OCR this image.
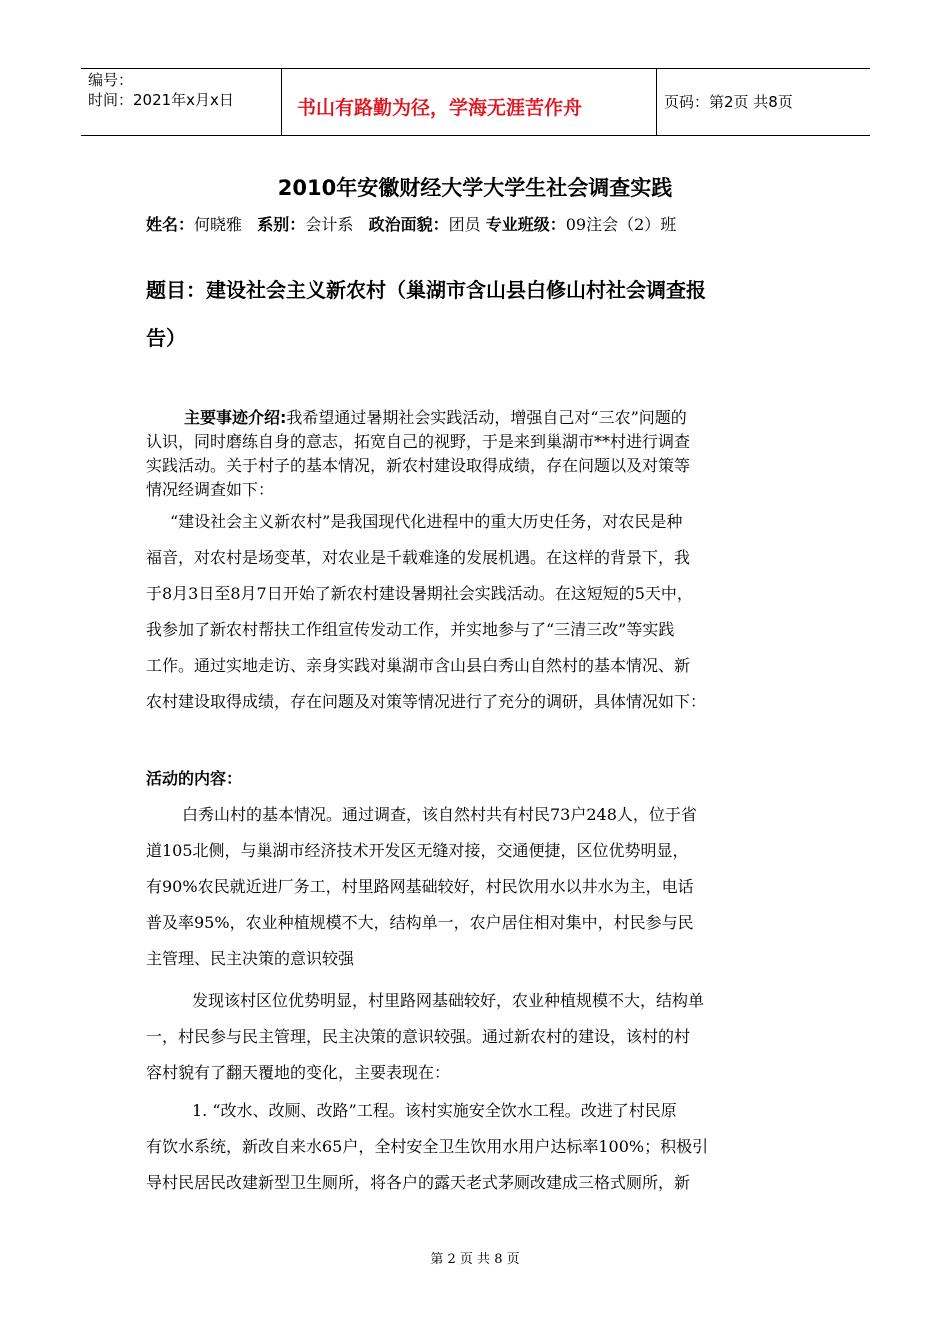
编号：
时间：2021年x月x日	书山有路勤为径，学海无涯苦作舟	页码：第2页 共8页
2010年安徽财经大学大学生社会调查实践
姓名：何晓雅 系别：会计系 政治面貌：团员 专业班级：09注会（2）班
题目：建设社会主义新农村（巢湖市含山县白修山村社会调查报
告）
主要事迹介绍:我希望通过暑期社会实践活动，增强自己对“三农”问题的
认识，同时磨练自身的意志，拓宽自己的视野，于是来到巢湖市**村进行调查
实践活动。关于村子的基本情况，新农村建设取得成绩，存在问题以及对策等
情况经调查如下：
“建设社会主义新农村”是我国现代化进程中的重大历史任务，对农民是种
福音，对农村是场变革，对农业是千载难逢的发展机遇。在这样的背景下，我
于8月3日至8月7日开始了新农村建设暑期社会实践活动。在这短短的5天中，
我参加了新农村帮扶工作组宣传发动工作，并实地参与了“三清三改”等实践
工作。通过实地走访、亲身实践对巢湖市含山县白秀山自然村的基本情况、新
农村建设取得成绩，存在问题及对策等情况进行了充分的调研，具体情况如下：
活动的内容：
白秀山村的基本情况。通过调查，该自然村共有村民73户248人，位于省
道105北侧，与巢湖市经济技术开发区无缝对接，交通便捷，区位优势明显，
有90%农民就近进厂务工，村里路网基础较好，村民饮用水以井水为主，电话
普及率95%，农业种植规模不大，结构单一，农户居住相对集中，村民参与民
主管理、民主决策的意识较强
发现该村区位优势明显，村里路网基础较好，农业种植规模不大，结构单
一，村民参与民主管理，民主决策的意识较强。通过新农村的建设，该村的村
容村貌有了翻天覆地的变化，主要表现在：
1. “改水、改厕、改路”工程。该村实施安全饮水工程。改进了村民原
有饮水系统，新改自来水65户，全村安全卫生饮用水用户达标率100%；积极引
导村民居民改建新型卫生厕所，将各户的露天老式茅厕改建成三格式厕所，新
第 2 页 共 8 页
